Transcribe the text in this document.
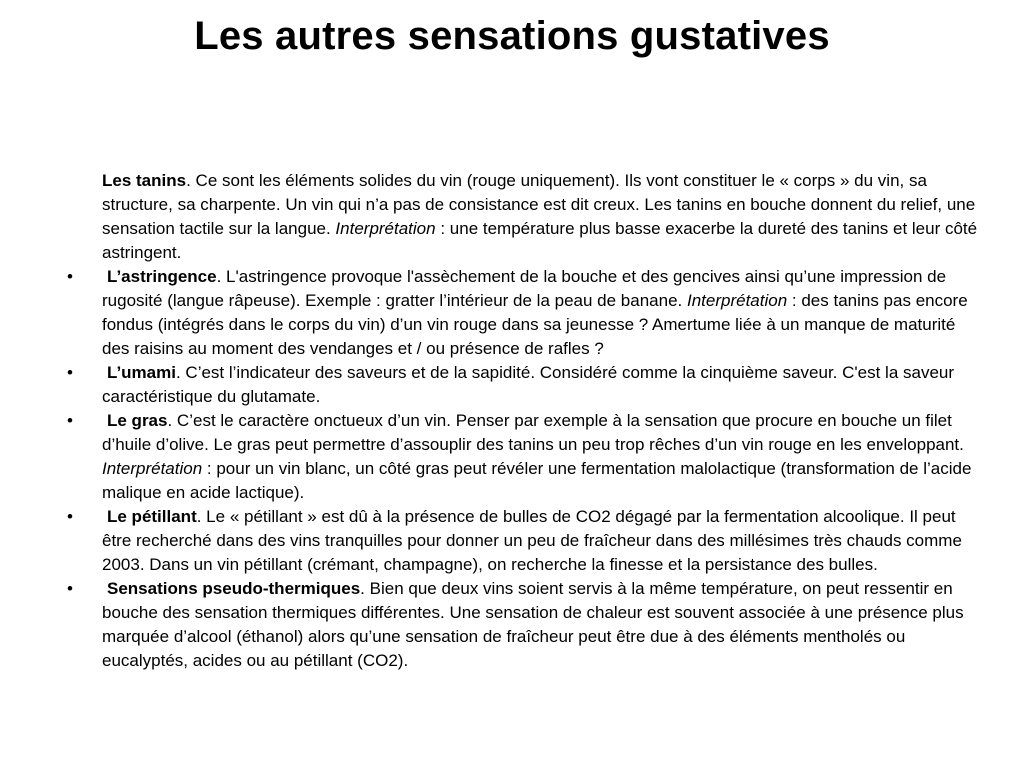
Les autres sensations gustatives

Les tanins. Ce sont les éléments solides du vin (rouge uniquement). Ils vont constituer le « corps » du vin, sa structure, sa charpente. Un vin qui n’a pas de consistance est dit creux. Les tanins en bouche donnent du relief, une sensation tactile sur la langue. Interprétation : une température plus basse exacerbe la dureté des tanins et leur côté astringent.

•	L’astringence. L'astringence provoque l'assèchement de la bouche et des gencives ainsi qu’une impression de rugosité (langue râpeuse). Exemple : gratter l’intérieur de la peau de banane. Interprétation : des tanins pas encore fondus (intégrés dans le corps du vin) d’un vin rouge dans sa jeunesse ? Amertume liée à un manque de maturité des raisins au moment des vendanges et / ou présence de rafles ?

•	L’umami. C’est l’indicateur des saveurs et de la sapidité. Considéré comme la cinquième saveur. C'est la saveur caractéristique du glutamate.

•	Le gras. C’est le caractère onctueux d’un vin. Penser par exemple à la sensation que procure en bouche un filet d’huile d’olive. Le gras peut permettre d’assouplir des tanins un peu trop rêches d’un vin rouge en les enveloppant. Interprétation : pour un vin blanc, un côté gras peut révéler une fermentation malolactique (transformation de l’acide malique en acide lactique).

•	Le pétillant. Le « pétillant » est dû à la présence de bulles de CO2 dégagé par la fermentation alcoolique. Il peut être recherché dans des vins tranquilles pour donner un peu de fraîcheur dans des millésimes très chauds comme 2003. Dans un vin pétillant (crémant, champagne), on recherche la finesse et la persistance des bulles.

•	Sensations pseudo-thermiques. Bien que deux vins soient servis à la même température, on peut ressentir en bouche des sensation thermiques différentes. Une sensation de chaleur est souvent associée à une présence plus marquée d’alcool (éthanol) alors qu’une sensation de fraîcheur peut être due à des éléments mentholés ou eucalyptés, acides ou au pétillant (CO2).
